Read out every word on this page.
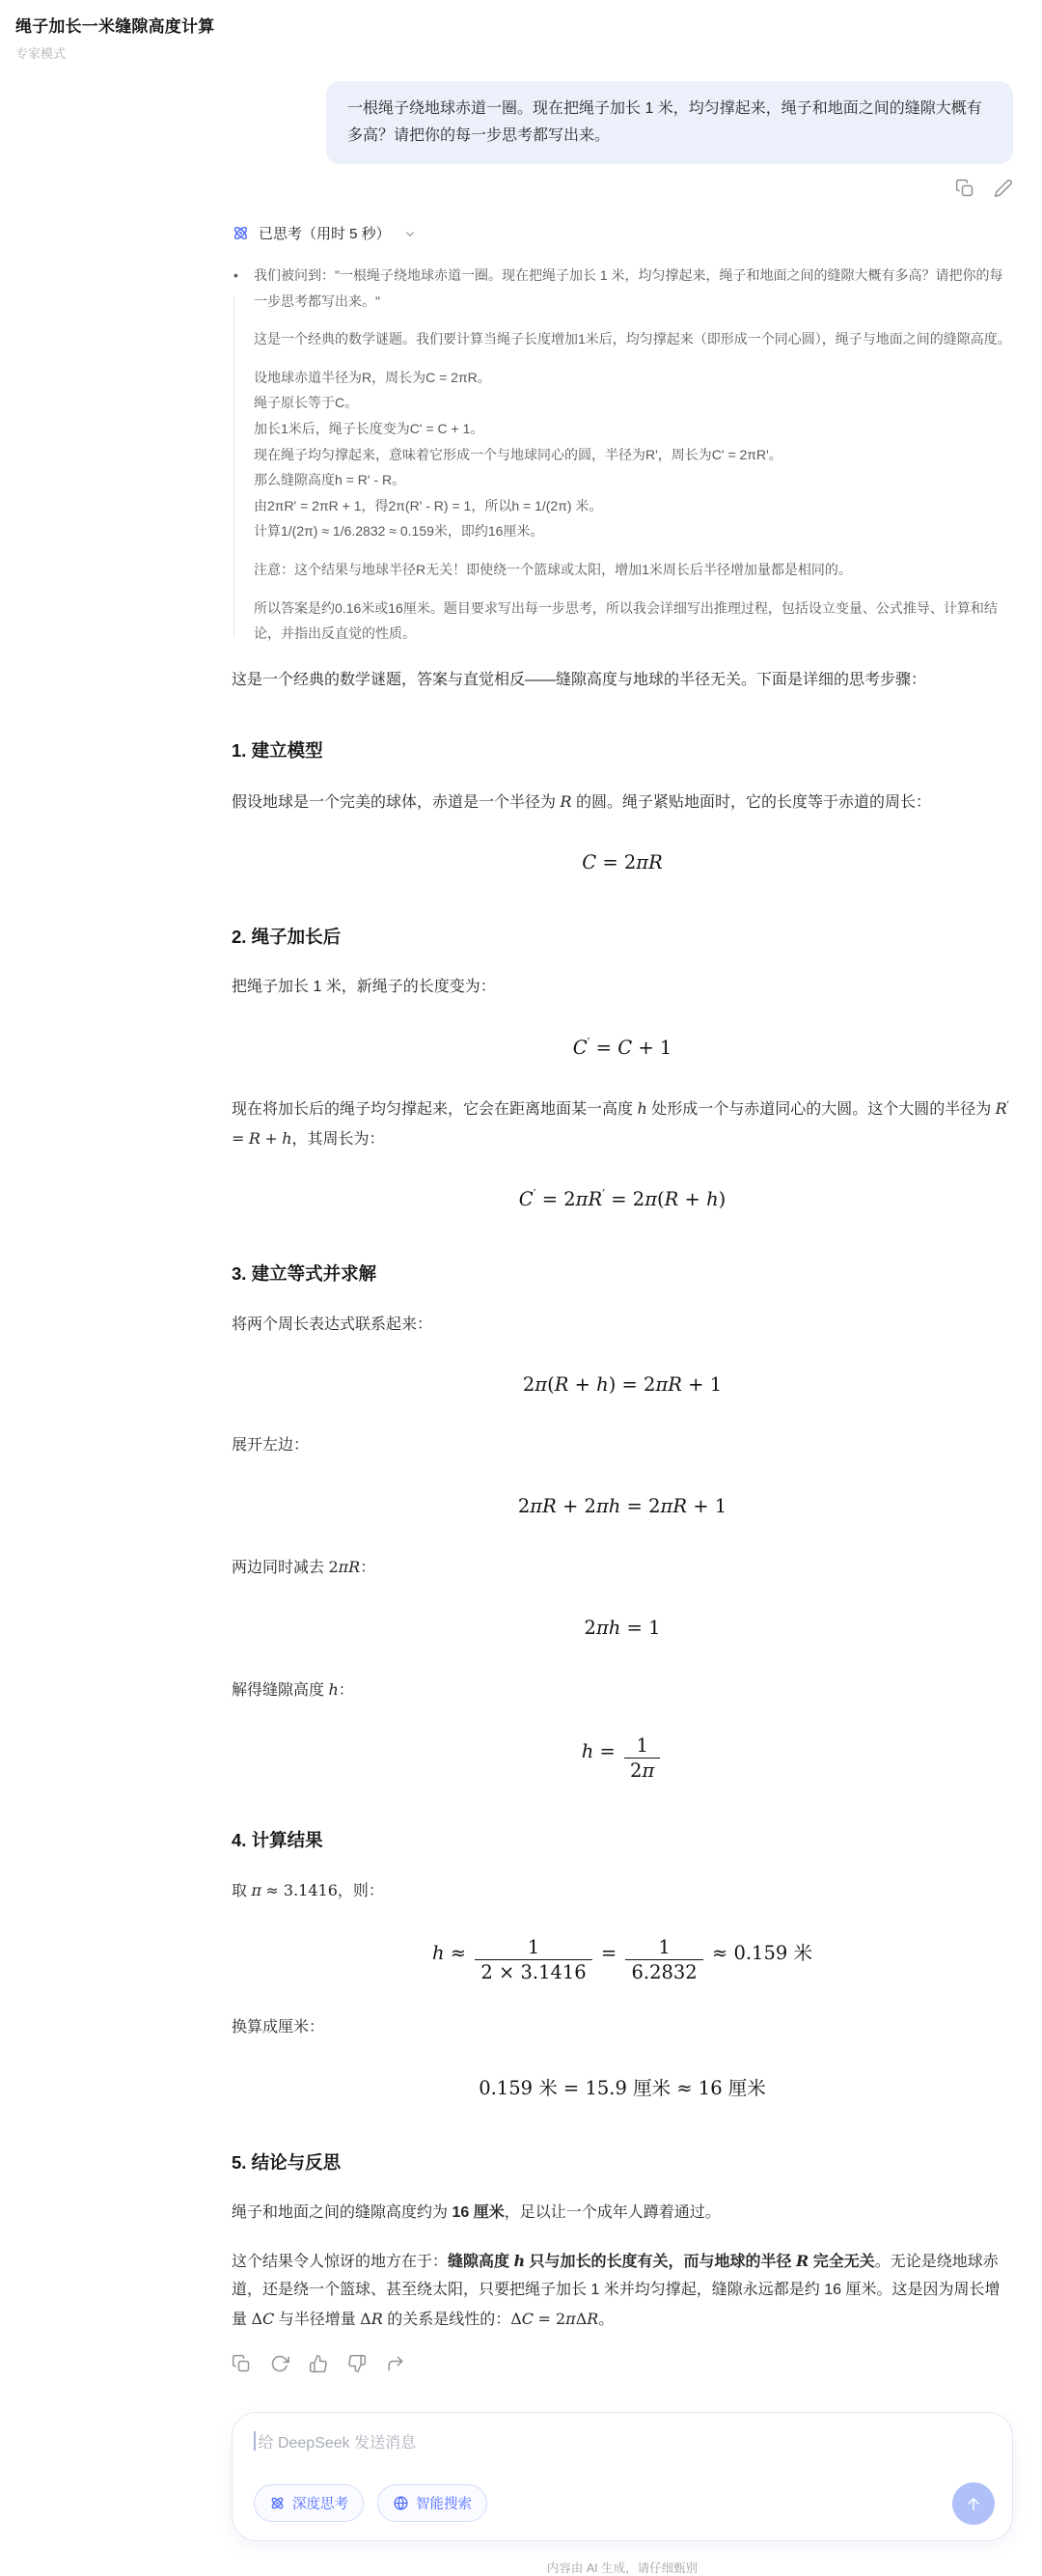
绳子加长一米缝隙高度计算
专家模式
一根绳子绕地球赤道一圈。现在把绳子加长 1 米，均匀撑起来，绳子和地面之间的缝隙大概有多高？请把你的每一步思考都写出来。
已思考（用时 5 秒）
• 我们被问到："一根绳子绕地球赤道一圈。现在把绳子加长 1 米，均匀撑起来，绳子和地面之间的缝隙大概有多高？请把你的每一步思考都写出来。"
这是一个经典的数学谜题。我们要计算当绳子长度增加1米后，均匀撑起来（即形成一个同心圆），绳子与地面之间的缝隙高度。
设地球赤道半径为R，周长为C = 2πR。
绳子原长等于C。
加长1米后，绳子长度变为C' = C + 1。
现在绳子均匀撑起来，意味着它形成一个与地球同心的圆，半径为R'，周长为C' = 2πR'。
那么缝隙高度h = R' - R。
由2πR' = 2πR + 1，得2π(R' - R) = 1，所以h = 1/(2π) 米。
计算1/(2π) ≈ 1/6.2832 ≈ 0.159米，即约16厘米。
注意：这个结果与地球半径R无关！即使绕一个篮球或太阳，增加1米周长后半径增加量都是相同的。
所以答案是约0.16米或16厘米。题目要求写出每一步思考，所以我会详细写出推理过程，包括设立变量、公式推导、计算和结论，并指出反直觉的性质。
这是一个经典的数学谜题，答案与直觉相反——缝隙高度与地球的半径无关。下面是详细的思考步骤：
1. 建立模型
假设地球是一个完美的球体，赤道是一个半径为 R 的圆。绳子紧贴地面时，它的长度等于赤道的周长：
C = 2πR
2. 绳子加长后
把绳子加长 1 米，新绳子的长度变为：
C′ = C + 1
现在将加长后的绳子均匀撑起来，它会在距离地面某一高度 h 处形成一个与赤道同心的大圆。这个大圆的半径为 R′ = R + h，其周长为：
C′ = 2πR′ = 2π(R + h)
3. 建立等式并求解
将两个周长表达式联系起来：
2π(R + h) = 2πR + 1
展开左边：
2πR + 2πh = 2πR + 1
两边同时减去 2πR：
2πh = 1
解得缝隙高度 h：
$h = \frac{1}{2\pi}$
4. 计算结果
取 π ≈ 3.1416，则：
$h \approx \frac{1}{2 \times 3.1416} = \frac{1}{6.2832} \approx 0.159$ 米
换算成厘米：
0.159 米 = 15.9 厘米 ≈ 16 厘米
5. 结论与反思
绳子和地面之间的缝隙高度约为 16 厘米，足以让一个成年人蹲着通过。
这个结果令人惊讶的地方在于：缝隙高度 h 只与加长的长度有关，而与地球的半径 R 完全无关。无论是绕地球赤道，还是绕一个篮球、甚至绕太阳，只要把绳子加长 1 米并均匀撑起，缝隙永远都是约 16 厘米。这是因为周长增量 ΔC 与半径增量 ΔR 的关系是线性的：ΔC = 2πΔR。
给 DeepSeek 发送消息
深度思考	智能搜索
内容由 AI 生成，请仔细甄别
